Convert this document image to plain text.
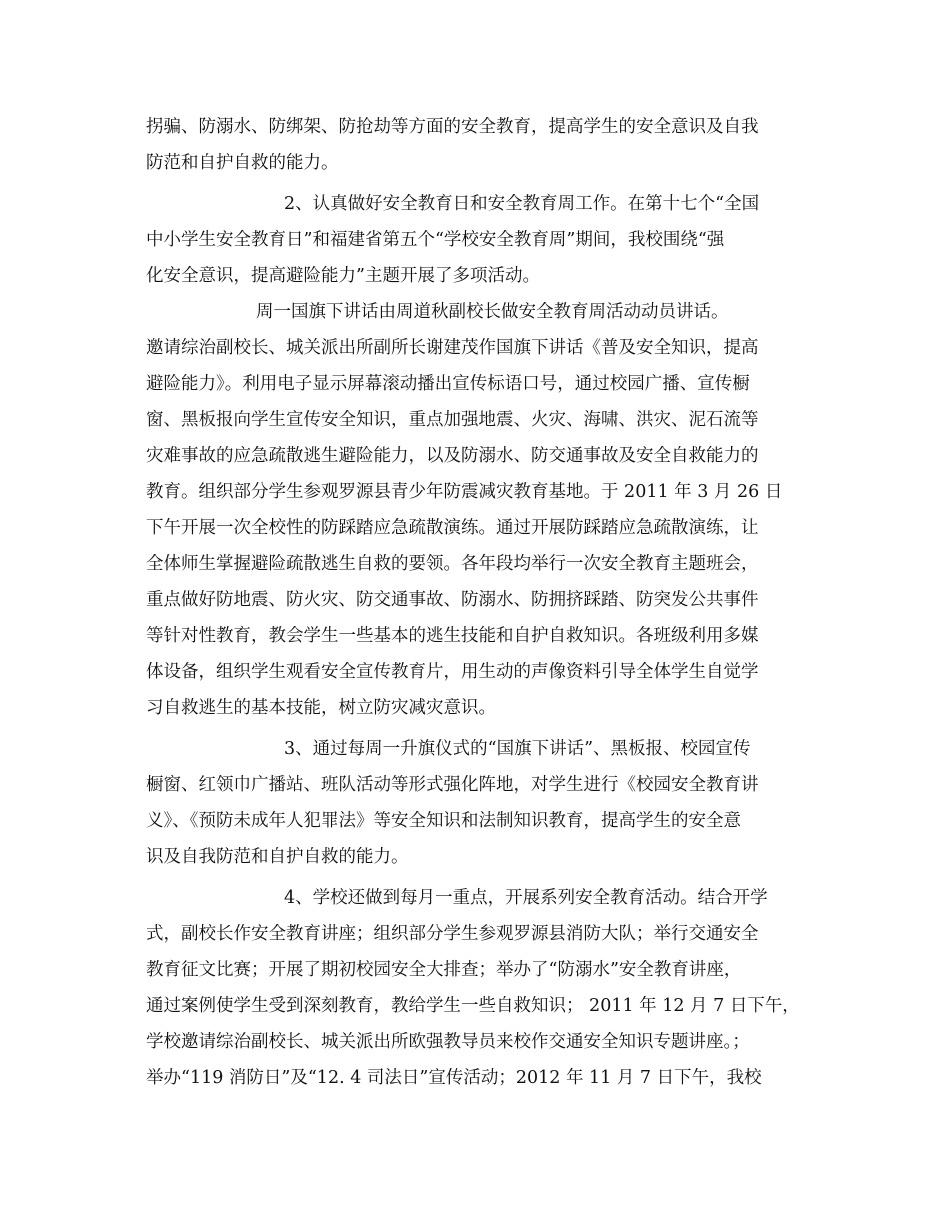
拐骗、防溺水、防绑架、防抢劫等方面的安全教育，提高学生的安全意识及自我
防范和自护自救的能力。
2、认真做好安全教育日和安全教育周工作。在第十七个“全国
中小学生安全教育日”和福建省第五个“学校安全教育周”期间，我校围绕“强
化安全意识，提高避险能力”主题开展了多项活动。
周一国旗下讲话由周道秋副校长做安全教育周活动动员讲话。
邀请综治副校长、城关派出所副所长谢建茂作国旗下讲话《普及安全知识，提高
避险能力》。利用电子显示屏幕滚动播出宣传标语口号，通过校园广播、宣传橱
窗、黑板报向学生宣传安全知识，重点加强地震、火灾、海啸、洪灾、泥石流等
灾难事故的应急疏散逃生避险能力，以及防溺水、防交通事故及安全自救能力的
教育。组织部分学生参观罗源县青少年防震减灾教育基地。于 2011 年 3 月 26 日
下午开展一次全校性的防踩踏应急疏散演练。通过开展防踩踏应急疏散演练，让
全体师生掌握避险疏散逃生自救的要领。各年段均举行一次安全教育主题班会，
重点做好防地震、防火灾、防交通事故、防溺水、防拥挤踩踏、防突发公共事件
等针对性教育，教会学生一些基本的逃生技能和自护自救知识。各班级利用多媒
体设备，组织学生观看安全宣传教育片，用生动的声像资料引导全体学生自觉学
习自救逃生的基本技能，树立防灾减灾意识。
3、通过每周一升旗仪式的“国旗下讲话”、黑板报、校园宣传
橱窗、红领巾广播站、班队活动等形式强化阵地，对学生进行《校园安全教育讲
义》、《预防未成年人犯罪法》等安全知识和法制知识教育，提高学生的安全意
识及自我防范和自护自救的能力。
4、学校还做到每月一重点，开展系列安全教育活动。结合开学
式，副校长作安全教育讲座；组织部分学生参观罗源县消防大队；举行交通安全
教育征文比赛；开展了期初校园安全大排查；举办了“防溺水”安全教育讲座，
通过案例使学生受到深刻教育，教给学生一些自救知识； 2011 年 12 月 7 日下午，
学校邀请综治副校长、城关派出所欧强教导员来校作交通安全知识专题讲座。；
举办“119 消防日”及“12. 4 司法日”宣传活动；2012 年 11 月 7 日下午，我校
